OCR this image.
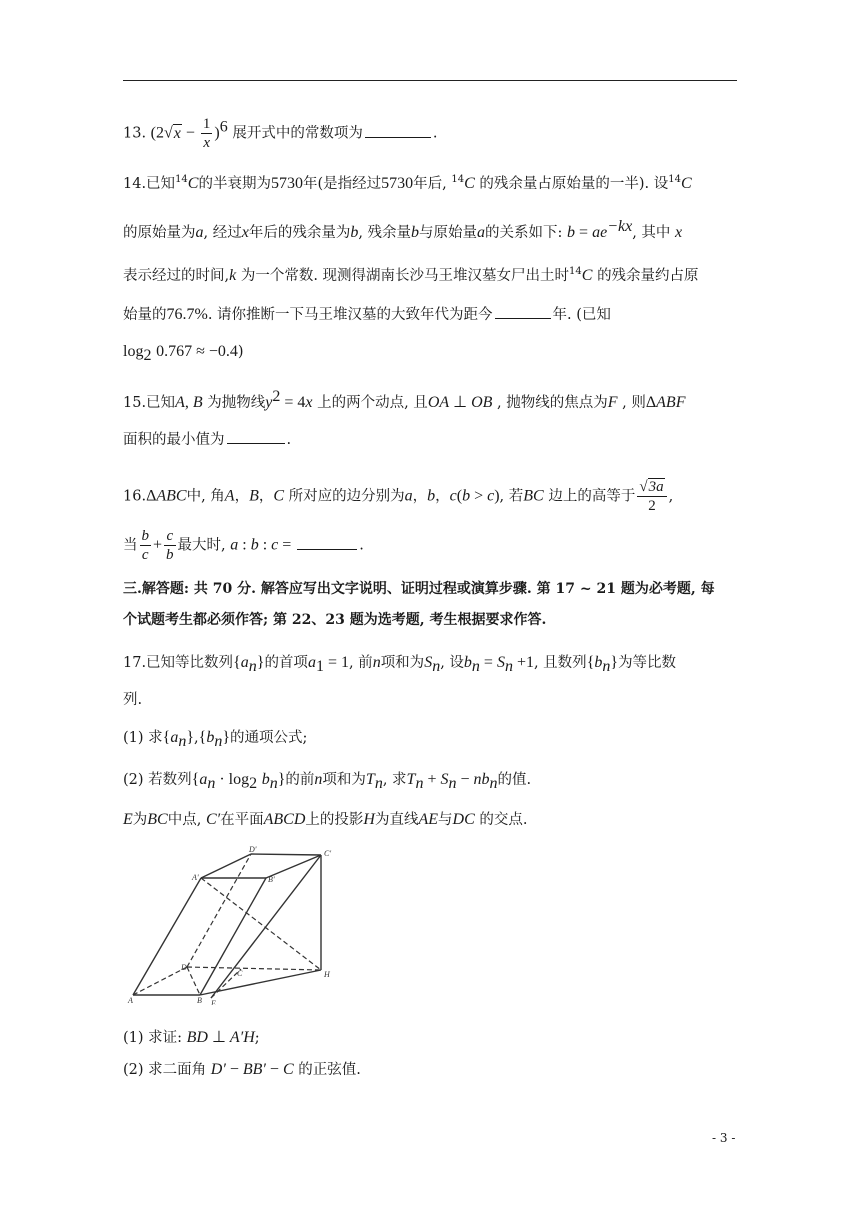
13. $(2√x - \frac{1}{x} )^6$ 展开式中的常数项为	.
14.已知$^{14}$C的半衰期为5730年(是指经过5730年后, $^{14}$C 的残余量占原始量的一半). 设$^{14}$C
的原始量为a, 经过x年后的残余量为b, 残余量b与原始量a的关系如下: $b = ae^{-kx}$, 其中 x
表示经过的时间,k 为一个常数. 现测得湖南长沙马王堆汉墓女尸出土时$^{14}$C 的残余量约占原
始量的76.7%. 请你推断一下马王堆汉墓的大致年代为距今	年. (已知
$\log_2 0.767 \approx -0.4$)
15.已知A, B 为抛物线$y^2 = 4x$ 上的两个动点, 且OA ⊥ OB , 抛物线的焦点为F , 则ΔABF
面积的最小值为	.
16.ΔABC中, 角A，B，C 所对应的边分别为a，b，c(b > c), 若BC 边上的高等于 $\frac{√3a}{2}$ ,
当 $\frac{b}{c} + \frac{c}{b}$ 最大时, a : b : c =	.
三.解答题: 共 70 分. 解答应写出文字说明、证明过程或演算步骤. 第 17 ~ 21 题为必考题, 每
个试题考生都必须作答; 第 22、23 题为选考题, 考生根据要求作答.
17.已知等比数列$\{a_n\}$的首项$a_1 = 1$, 前n项和为$S_n$, 设$b_n = S_n +1$, 且数列$\{b_n\}$为等比数
列.
(1) 求$\{a_n\},\{b_n\}$的通项公式;
(2) 若数列$\{a_n \cdot \log_2 b_n\}$的前n项和为$T_n$, 求$T_n + S_n - nb_n$的值.
E为BC中点, C′在平面ABCD上的投影H为直线AE与DC 的交点.
A	B E
C
D
H
A'	B'
C'
D'
(1) 求证: BD ⊥ A′H;
(2) 求二面角 D′ − BB′ − C 的正弦值.
- 3 -
